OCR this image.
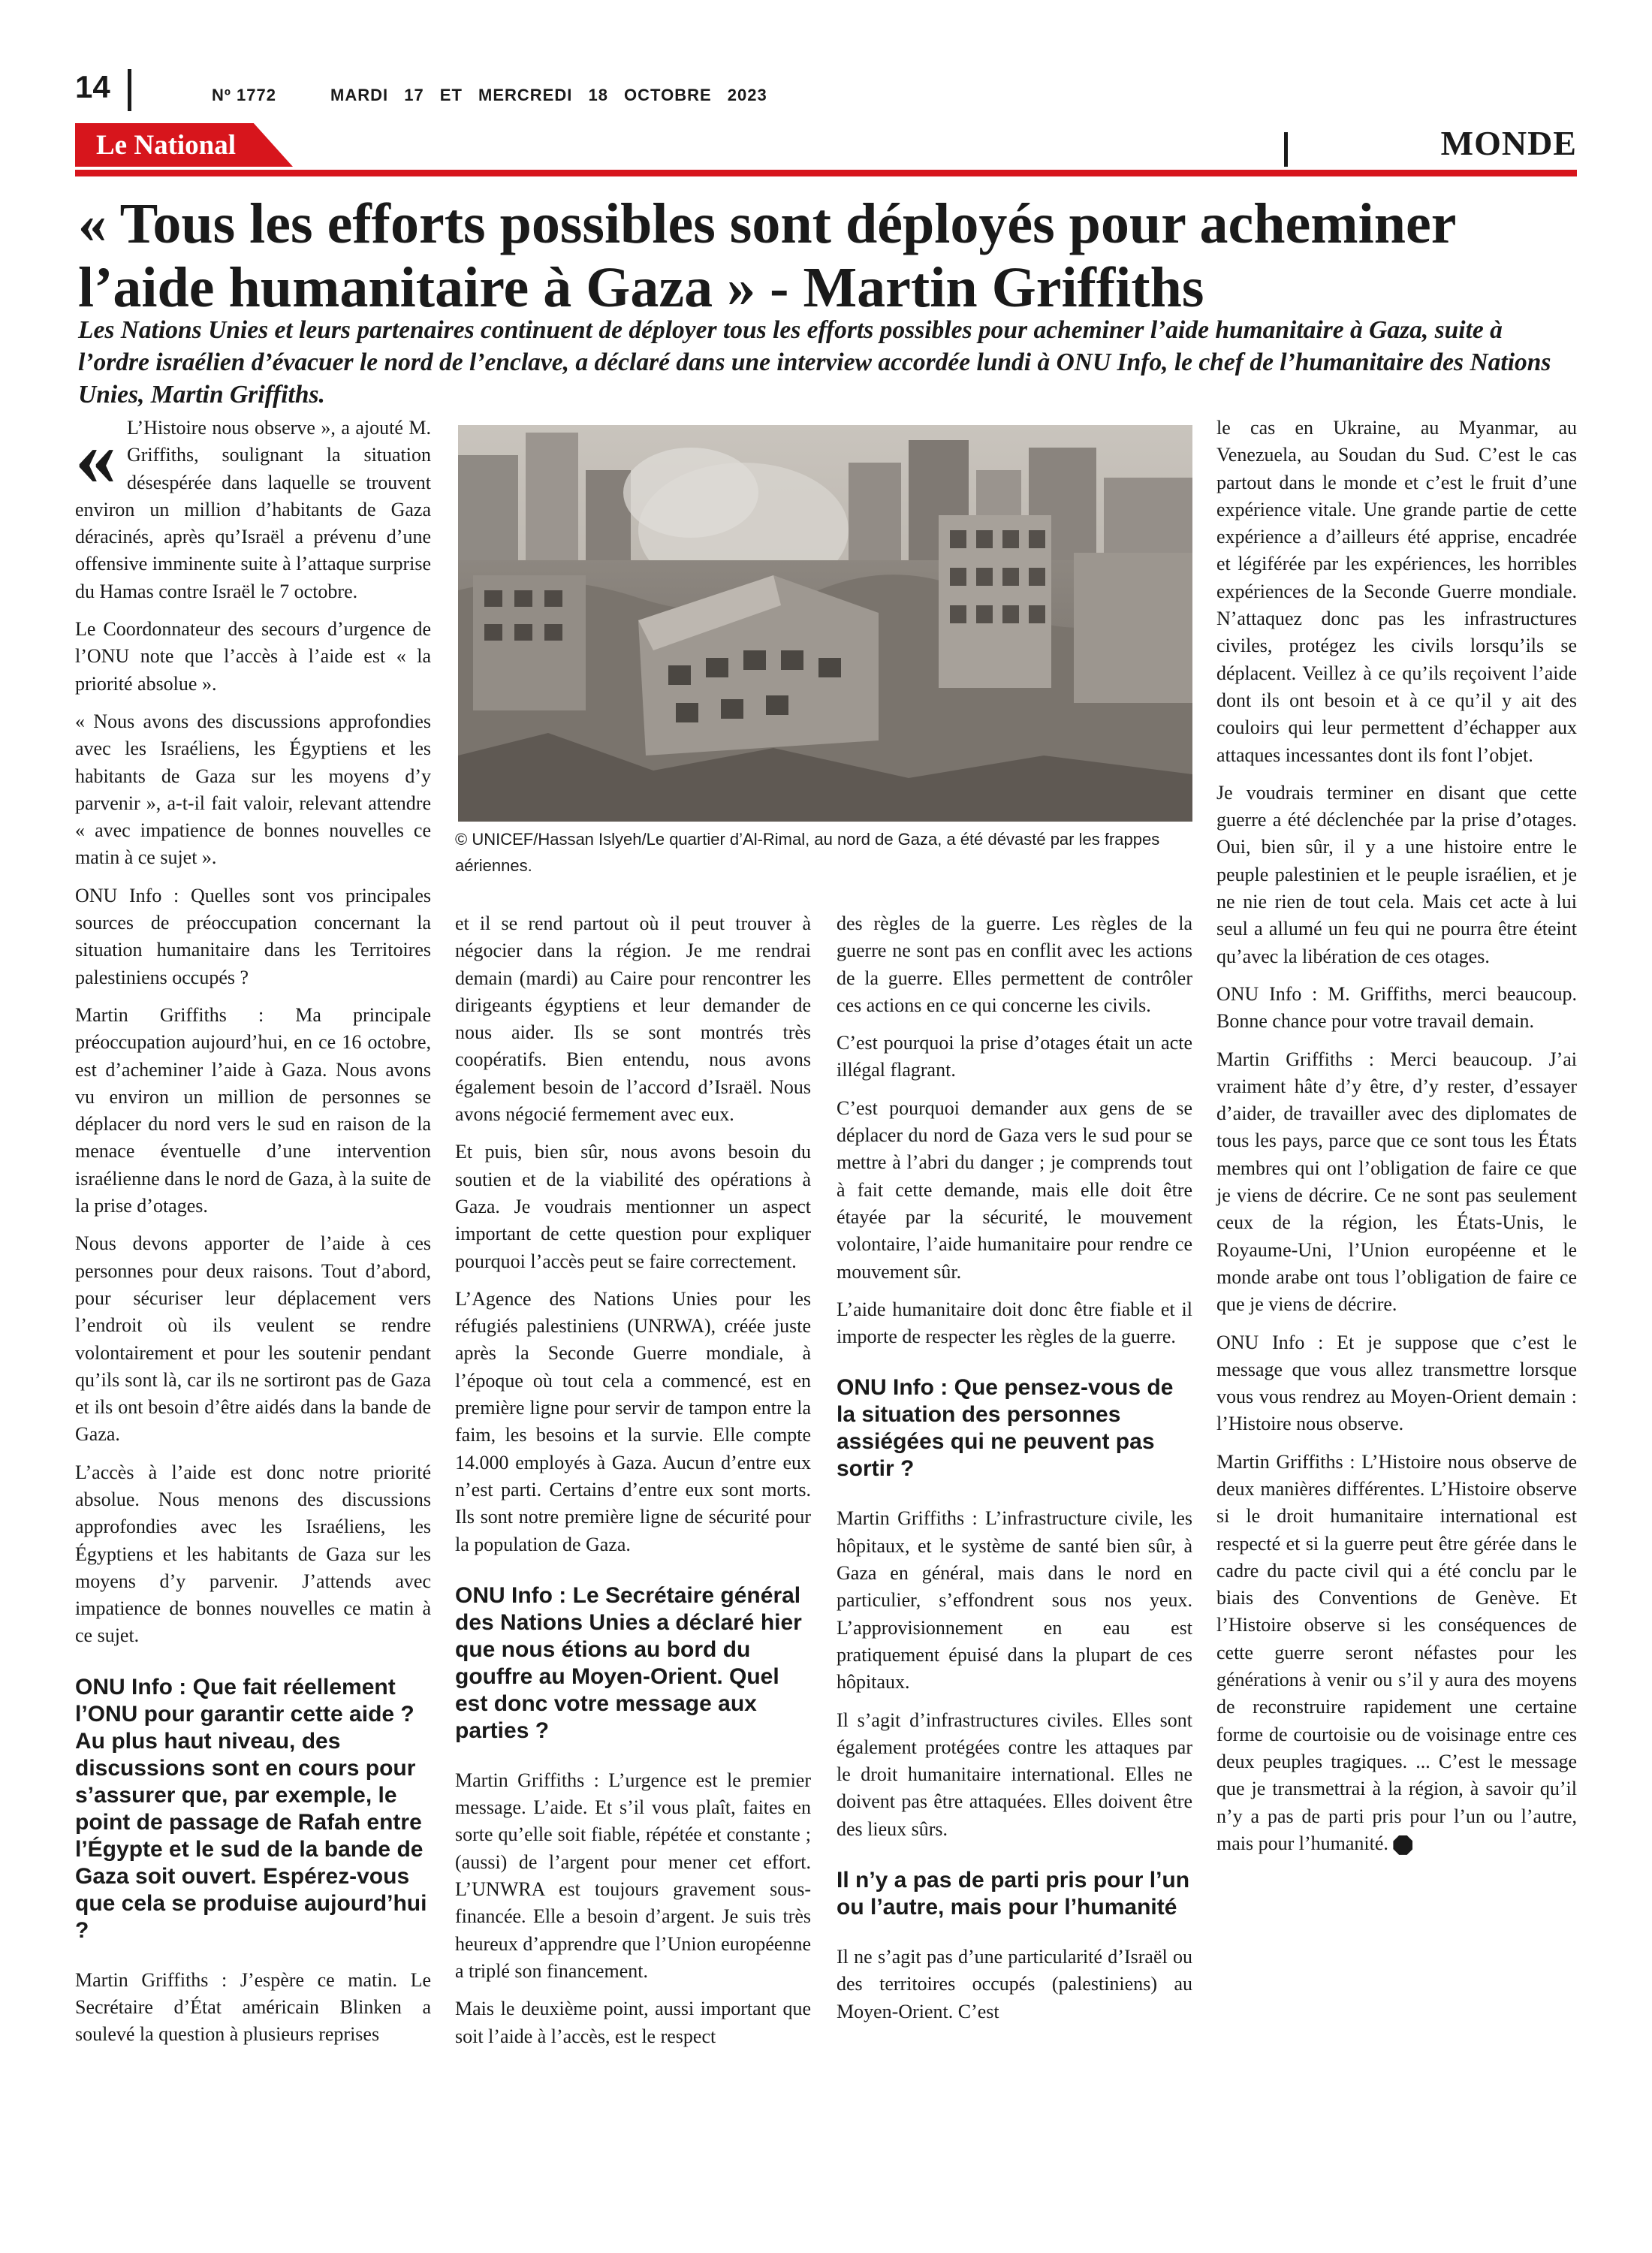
14	Nº 1772	MARDI 17 ET MERCREDI 18 OCTOBRE 2023
Le National	MONDE
« Tous les efforts possibles sont déployés pour acheminer l’aide humanitaire à Gaza » - Martin Griffiths
Les Nations Unies et leurs partenaires continuent de déployer tous les efforts possibles pour acheminer l’aide humanitaire à Gaza, suite à l’ordre israélien d’évacuer le nord de l’enclave, a déclaré dans une interview accordée lundi à ONU Info, le chef de l’humanitaire des Nations Unies, Martin Griffiths.

« L’Histoire nous observe », a ajouté M. Griffiths, soulignant la situation désespérée dans laquelle se trouvent environ un million d’habitants de Gaza déracinés, après qu’Israël a prévenu d’une offensive imminente suite à l’attaque surprise du Hamas contre Israël le 7 octobre.

Le Coordonnateur des secours d’urgence de l’ONU note que l’accès à l’aide est « la priorité absolue ».

« Nous avons des discussions approfondies avec les Israéliens, les Égyptiens et les habitants de Gaza sur les moyens d’y parvenir », a-t-il fait valoir, relevant attendre « avec impatience de bonnes nouvelles ce matin à ce sujet ».

ONU Info : Quelles sont vos principales sources de préoccupation concernant la situation humanitaire dans les Territoires palestiniens occupés ?

Martin Griffiths : Ma principale préoccupation aujourd’hui, en ce 16 octobre, est d’acheminer l’aide à Gaza. Nous avons vu environ un million de personnes se déplacer du nord vers le sud en raison de la menace éventuelle d’une intervention israélienne dans le nord de Gaza, à la suite de la prise d’otages.

Nous devons apporter de l’aide à ces personnes pour deux raisons. Tout d’abord, pour sécuriser leur déplacement vers l’endroit où ils veulent se rendre volontairement et pour les soutenir pendant qu’ils sont là, car ils ne sortiront pas de Gaza et ils ont besoin d’être aidés dans la bande de Gaza.

L’accès à l’aide est donc notre priorité absolue. Nous menons des discussions approfondies avec les Israéliens, les Égyptiens et les habitants de Gaza sur les moyens d’y parvenir. J’attends avec impatience de bonnes nouvelles ce matin à ce sujet.

ONU Info : Que fait réellement l’ONU pour garantir cette aide ? Au plus haut niveau, des discussions sont en cours pour s’assurer que, par exemple, le point de passage de Rafah entre l’Égypte et le sud de la bande de Gaza soit ouvert. Espérez-vous que cela se produise aujourd’hui ?

Martin Griffiths : J’espère ce matin. Le Secrétaire d’État américain Blinken a soulevé la question à plusieurs reprises

© UNICEF/Hassan Islyeh/Le quartier d’Al-Rimal, au nord de Gaza, a été dévasté par les frappes aériennes.

et il se rend partout où il peut trouver à négocier dans la région. Je me rendrai demain (mardi) au Caire pour rencontrer les dirigeants égyptiens et leur demander de nous aider. Ils se sont montrés très coopératifs. Bien entendu, nous avons également besoin de l’accord d’Israël. Nous avons négocié fermement avec eux.

Et puis, bien sûr, nous avons besoin du soutien et de la viabilité des opérations à Gaza. Je voudrais mentionner un aspect important de cette question pour expliquer pourquoi l’accès peut se faire correctement.

L’Agence des Nations Unies pour les réfugiés palestiniens (UNRWA), créée juste après la Seconde Guerre mondiale, à l’époque où tout cela a commencé, est en première ligne pour servir de tampon entre la faim, les besoins et la survie. Elle compte 14.000 employés à Gaza. Aucun d’entre eux n’est parti. Certains d’entre eux sont morts. Ils sont notre première ligne de sécurité pour la population de Gaza.

ONU Info : Le Secrétaire général des Nations Unies a déclaré hier que nous étions au bord du gouffre au Moyen-Orient. Quel est donc votre message aux parties ?

Martin Griffiths : L’urgence est le premier message. L’aide. Et s’il vous plaît, faites en sorte qu’elle soit fiable, répétée et constante ; (aussi) de l’argent pour mener cet effort. L’UNWRA est toujours gravement sous-financée. Elle a besoin d’argent. Je suis très heureux d’apprendre que l’Union européenne a triplé son financement.

Mais le deuxième point, aussi important que soit l’aide à l’accès, est le respect

des règles de la guerre. Les règles de la guerre ne sont pas en conflit avec les actions de la guerre. Elles permettent de contrôler ces actions en ce qui concerne les civils.

C’est pourquoi la prise d’otages était un acte illégal flagrant.

C’est pourquoi demander aux gens de se déplacer du nord de Gaza vers le sud pour se mettre à l’abri du danger ; je comprends tout à fait cette demande, mais elle doit être étayée par la sécurité, le mouvement volontaire, l’aide humanitaire pour rendre ce mouvement sûr.

L’aide humanitaire doit donc être fiable et il importe de respecter les règles de la guerre.

ONU Info : Que pensez-vous de la situation des personnes assiégées qui ne peuvent pas sortir ?

Martin Griffiths : L’infrastructure civile, les hôpitaux, et le système de santé bien sûr, à Gaza en général, mais dans le nord en particulier, s’effondrent sous nos yeux. L’approvisionnement en eau est pratiquement épuisé dans la plupart de ces hôpitaux.

Il s’agit d’infrastructures civiles. Elles sont également protégées contre les attaques par le droit humanitaire international. Elles ne doivent pas être attaquées. Elles doivent être des lieux sûrs.

Il n’y a pas de parti pris pour l’un ou l’autre, mais pour l’humanité

Il ne s’agit pas d’une particularité d’Israël ou des territoires occupés (palestiniens) au Moyen-Orient. C’est

le cas en Ukraine, au Myanmar, au Venezuela, au Soudan du Sud. C’est le cas partout dans le monde et c’est le fruit d’une expérience vitale. Une grande partie de cette expérience a d’ailleurs été apprise, encadrée et légiférée par les expériences, les horribles expériences de la Seconde Guerre mondiale. N’attaquez donc pas les infrastructures civiles, protégez les civils lorsqu’ils se déplacent. Veillez à ce qu’ils reçoivent l’aide dont ils ont besoin et à ce qu’il y ait des couloirs qui leur permettent d’échapper aux attaques incessantes dont ils font l’objet.

Je voudrais terminer en disant que cette guerre a été déclenchée par la prise d’otages. Oui, bien sûr, il y a une histoire entre le peuple palestinien et le peuple israélien, et je ne nie rien de tout cela. Mais cet acte à lui seul a allumé un feu qui ne pourra être éteint qu’avec la libération de ces otages.

ONU Info : M. Griffiths, merci beaucoup. Bonne chance pour votre travail demain.

Martin Griffiths : Merci beaucoup. J’ai vraiment hâte d’y être, d’y rester, d’essayer d’aider, de travailler avec des diplomates de tous les pays, parce que ce sont tous les États membres qui ont l’obligation de faire ce que je viens de décrire. Ce ne sont pas seulement ceux de la région, les États-Unis, le Royaume-Uni, l’Union européenne et le monde arabe ont tous l’obligation de faire ce que je viens de décrire.

ONU Info : Et je suppose que c’est le message que vous allez transmettre lorsque vous vous rendrez au Moyen-Orient demain : l’Histoire nous observe.

Martin Griffiths : L’Histoire nous observe de deux manières différentes. L’Histoire observe si le droit humanitaire international est respecté et si la guerre peut être gérée dans le cadre du pacte civil qui a été conclu par le biais des Conventions de Genève. Et l’Histoire observe si les conséquences de cette guerre seront néfastes pour les générations à venir ou s’il y aura des moyens de reconstruire rapidement une certaine forme de courtoisie ou de voisinage entre ces deux peuples tragiques. ... C’est le message que je transmettrai à la région, à savoir qu’il n’y a pas de parti pris pour l’un ou l’autre, mais pour l’humanité.
